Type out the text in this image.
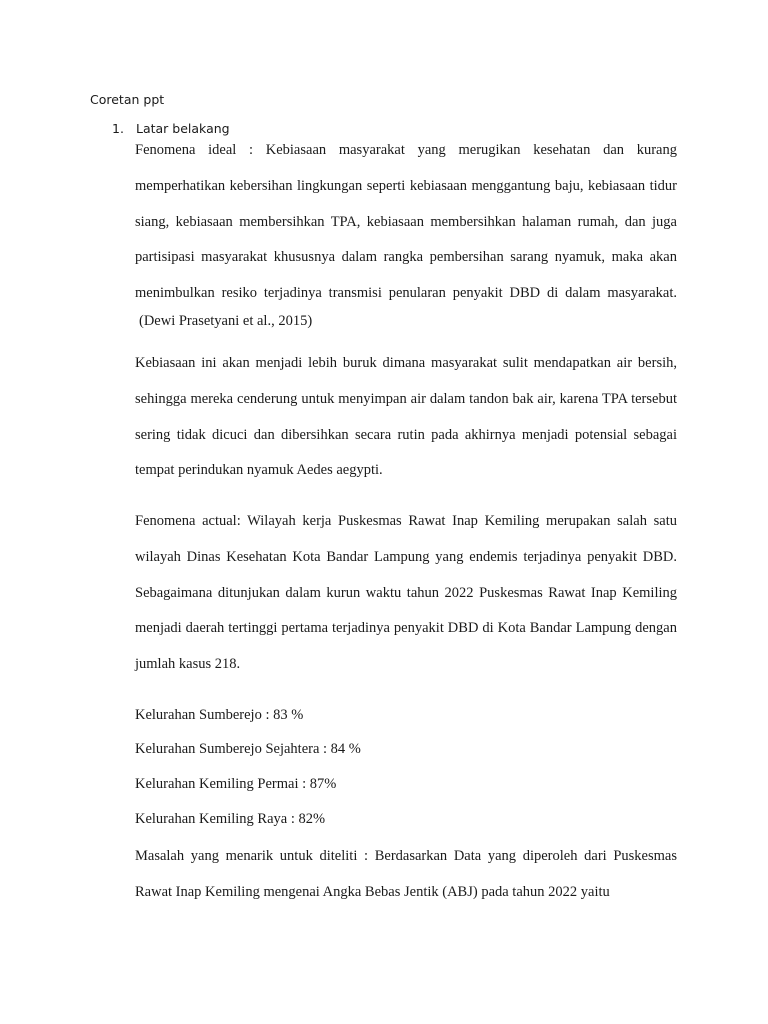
Coretan ppt

1. Latar belakang

Fenomena ideal : Kebiasaan masyarakat yang merugikan kesehatan dan kurang memperhatikan kebersihan lingkungan seperti kebiasaan menggantung baju, kebiasaan tidur siang, kebiasaan membersihkan TPA, kebiasaan membersihkan halaman rumah, dan juga partisipasi masyarakat khususnya dalam rangka pembersihan sarang nyamuk, maka akan menimbulkan resiko terjadinya transmisi penularan penyakit DBD di dalam masyarakat.(Dewi Prasetyani et al., 2015)

Kebiasaan ini akan menjadi lebih buruk dimana masyarakat sulit mendapatkan air bersih, sehingga mereka cenderung untuk menyimpan air dalam tandon bak air, karena TPA tersebut sering tidak dicuci dan dibersihkan secara rutin pada akhirnya menjadi potensial sebagai tempat perindukan nyamuk Aedes aegypti.

Fenomena actual: Wilayah kerja Puskesmas Rawat Inap Kemiling merupakan salah satu wilayah Dinas Kesehatan Kota Bandar Lampung yang endemis terjadinya penyakit DBD. Sebagaimana ditunjukan dalam kurun waktu tahun 2022 Puskesmas Rawat Inap Kemiling menjadi daerah tertinggi pertama terjadinya penyakit DBD di Kota Bandar Lampung dengan jumlah kasus 218.

Kelurahan Sumberejo : 83 %

Kelurahan Sumberejo Sejahtera : 84 %

Kelurahan Kemiling Permai : 87%

Kelurahan Kemiling Raya : 82%

Masalah yang menarik untuk diteliti : Berdasarkan Data yang diperoleh dari Puskesmas Rawat Inap Kemiling mengenai Angka Bebas Jentik (ABJ) pada tahun 2022 yaitu
